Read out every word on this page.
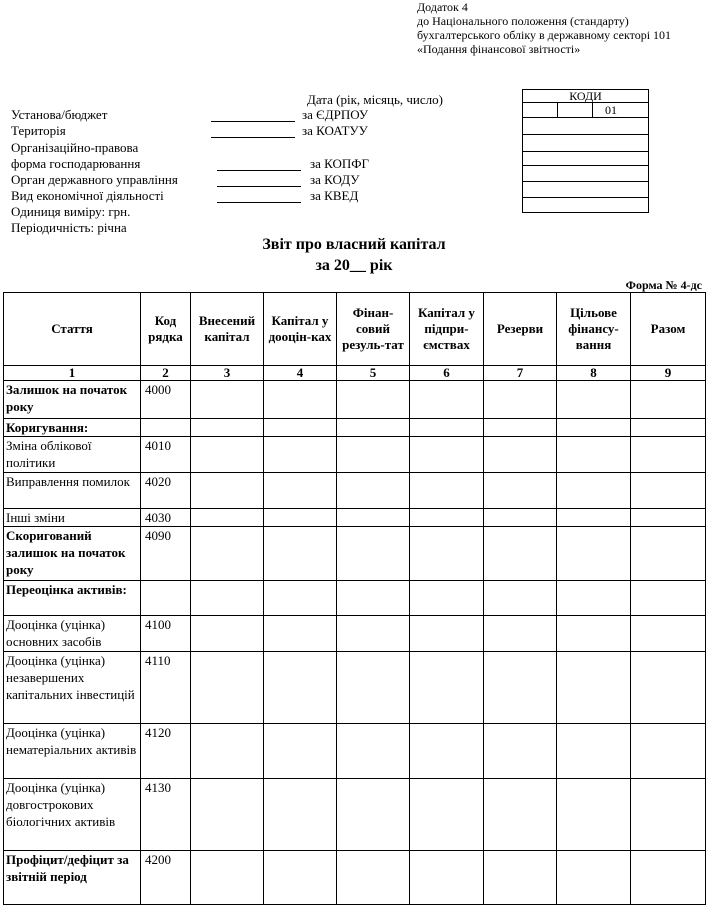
Додаток 4
до Національного положення (стандарту)
бухгалтерського обліку в державному секторі 101
«Подання фінансової звітності»
Дата (рік, місяць, число)	КОДИ
		01

Установа/бюджет	за ЄДРПОУ
Територія	за КОАТУУ
Організаційно-правова
форма господарювання	за КОПФГ
Орган державного управління	за КОДУ
Вид економічної діяльності	за КВЕД
Одиниця виміру: грн.
Періодичність: річна
Звіт про власний капітал
за 20__ рік
Форма № 4-дс
Стаття	Код рядка	Внесений капітал	Капітал у дооцін-ках	Фінан-совий резуль-тат	Капітал у підпри-ємствах	Резерви	Цільове фінансу-вання	Разом
1	2	3	4	5	6	7	8	9
Залишок на початок року	4000							
Коригування:								
Зміна облікової політики	4010							
Виправлення помилок	4020							
Інші зміни	4030							
Скоригований залишок на початок року	4090							
Переоцінка активів:								
Дооцінка (уцінка) основних засобів	4100							
Дооцінка (уцінка) незавершених капітальних інвестицій	4110							
Дооцінка (уцінка) нематеріальних активів	4120							
Дооцінка (уцінка) довгострокових біологічних активів	4130							
Профіцит/дефіцит за звітній період	4200							
